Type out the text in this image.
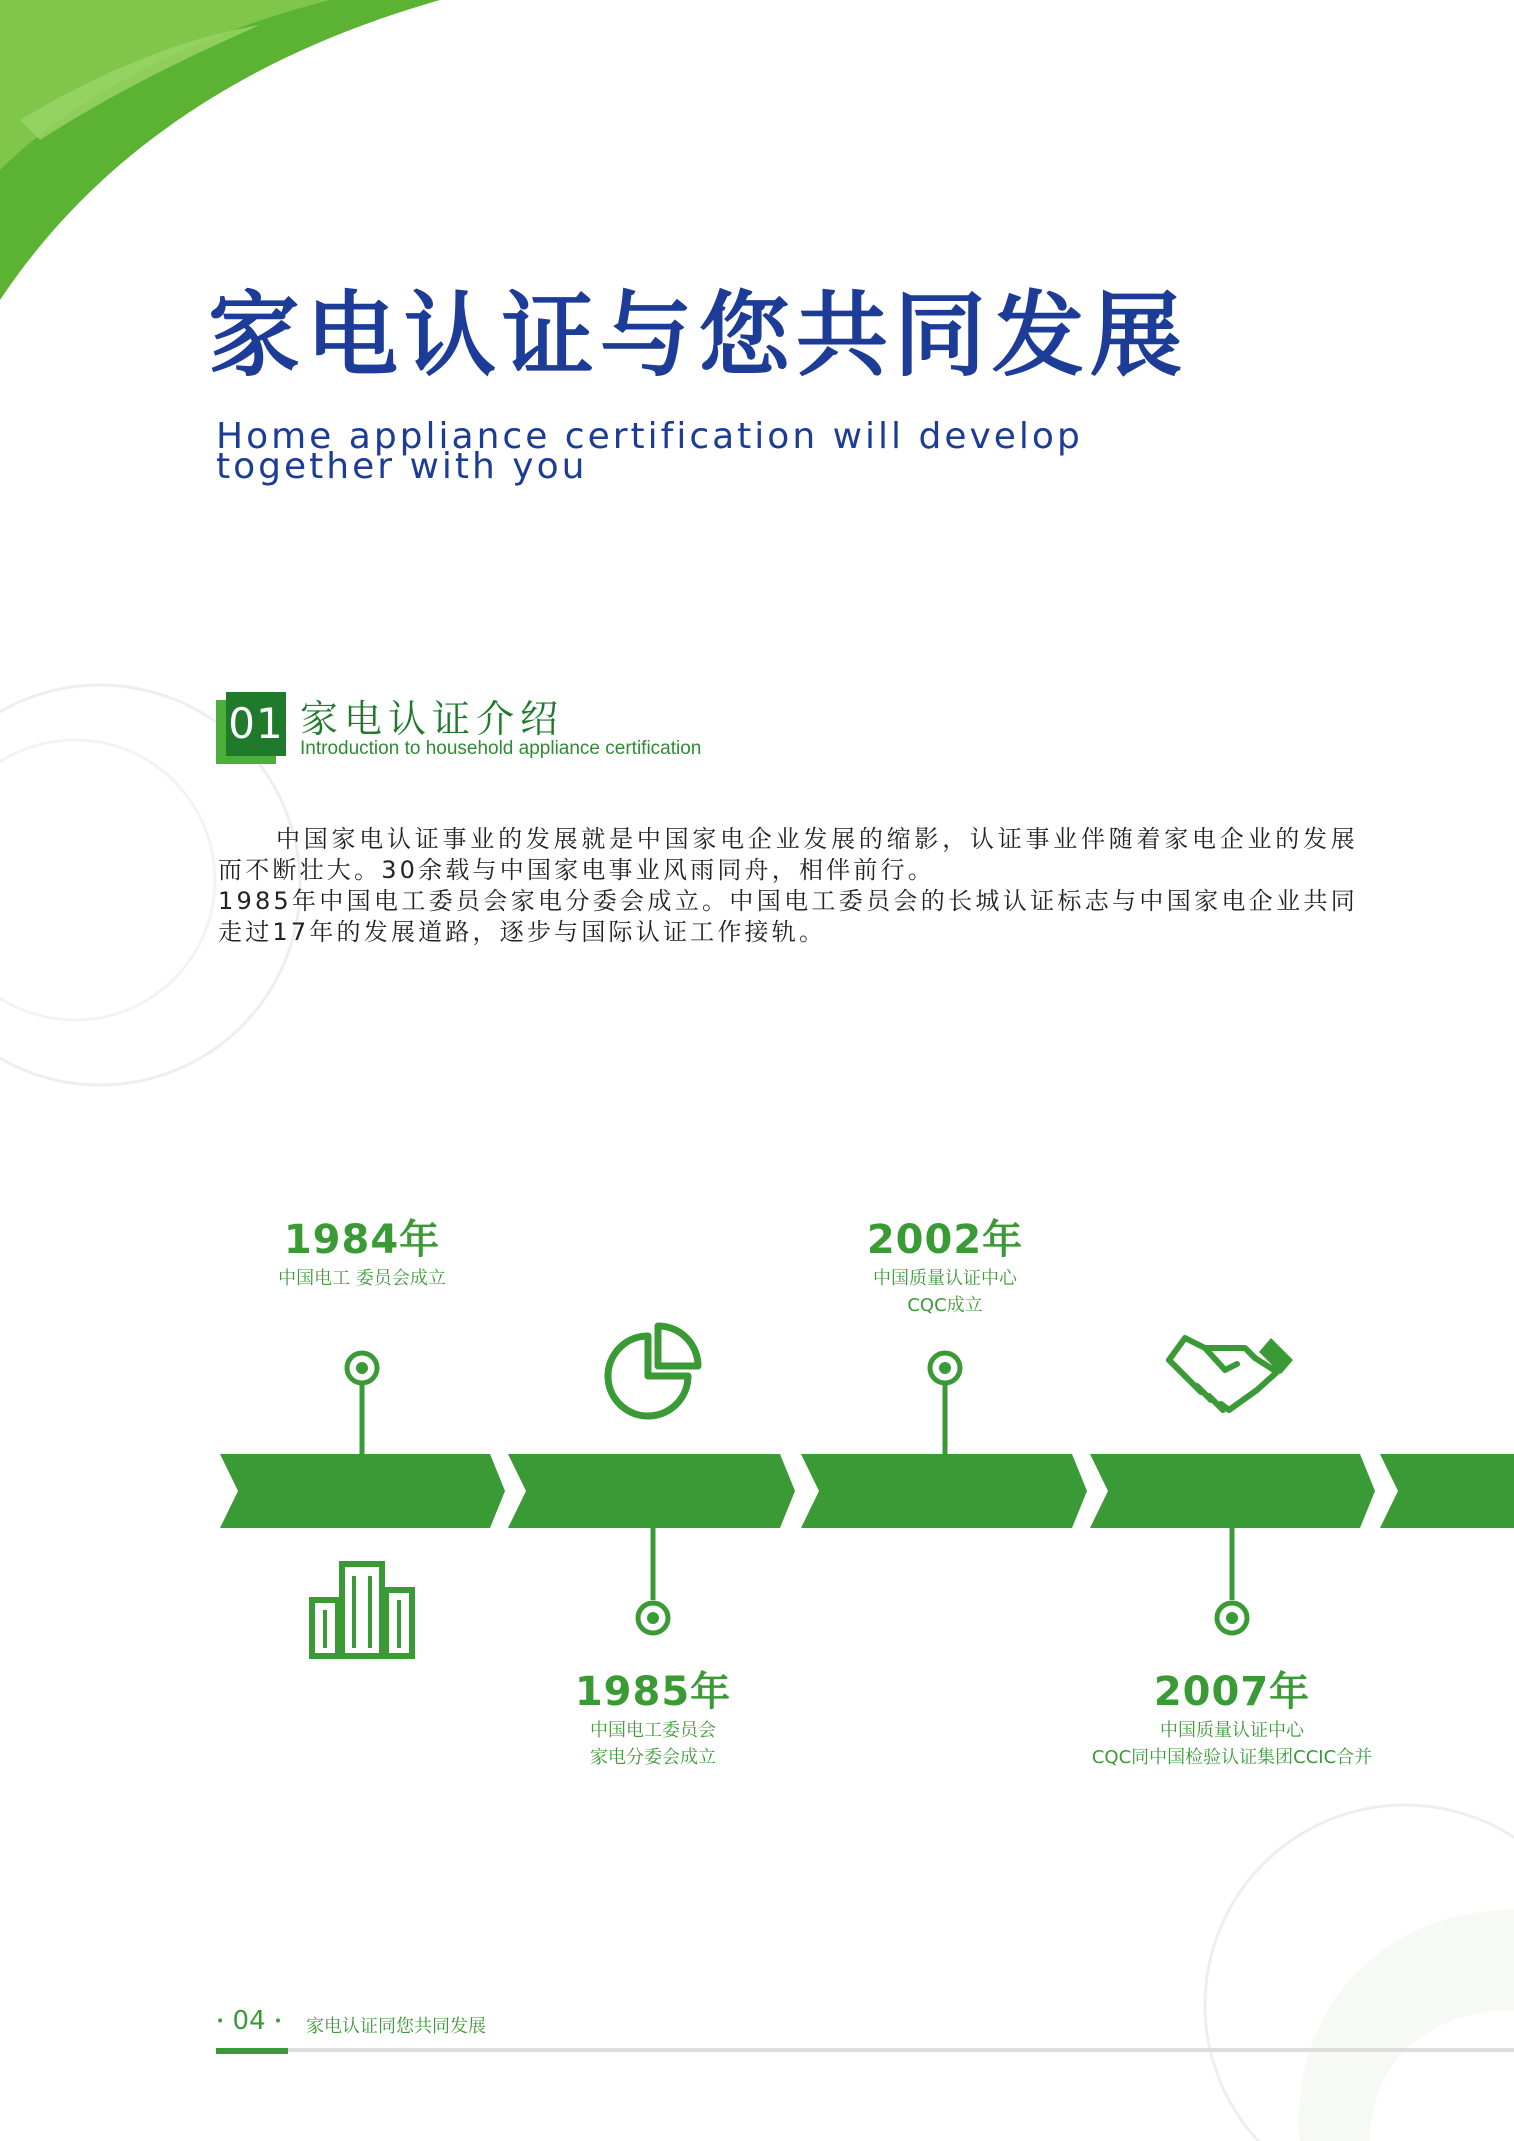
家电认证与您共同发展
Home appliance certification will develop together with you
01 家电认证介绍
Introduction to household appliance certification

中国家电认证事业的发展就是中国家电企业发展的缩影，认证事业伴随着家电企业的发展而不断壮大。30余载与中国家电事业风雨同舟，相伴前行。

1985年中国电工委员会家电分委会成立。中国电工委员会的长城认证标志与中国家电企业共同走过17年的发展道路，逐步与国际认证工作接轨。

1984年
中国电工 委员会成立
1985年
中国电工委员会
家电分委会成立
2002年
中国质量认证中心
CQC成立
2007年
中国质量认证中心
CQC同中国检验认证集团CCIC合并
• 04 • 家电认证同您共同发展
